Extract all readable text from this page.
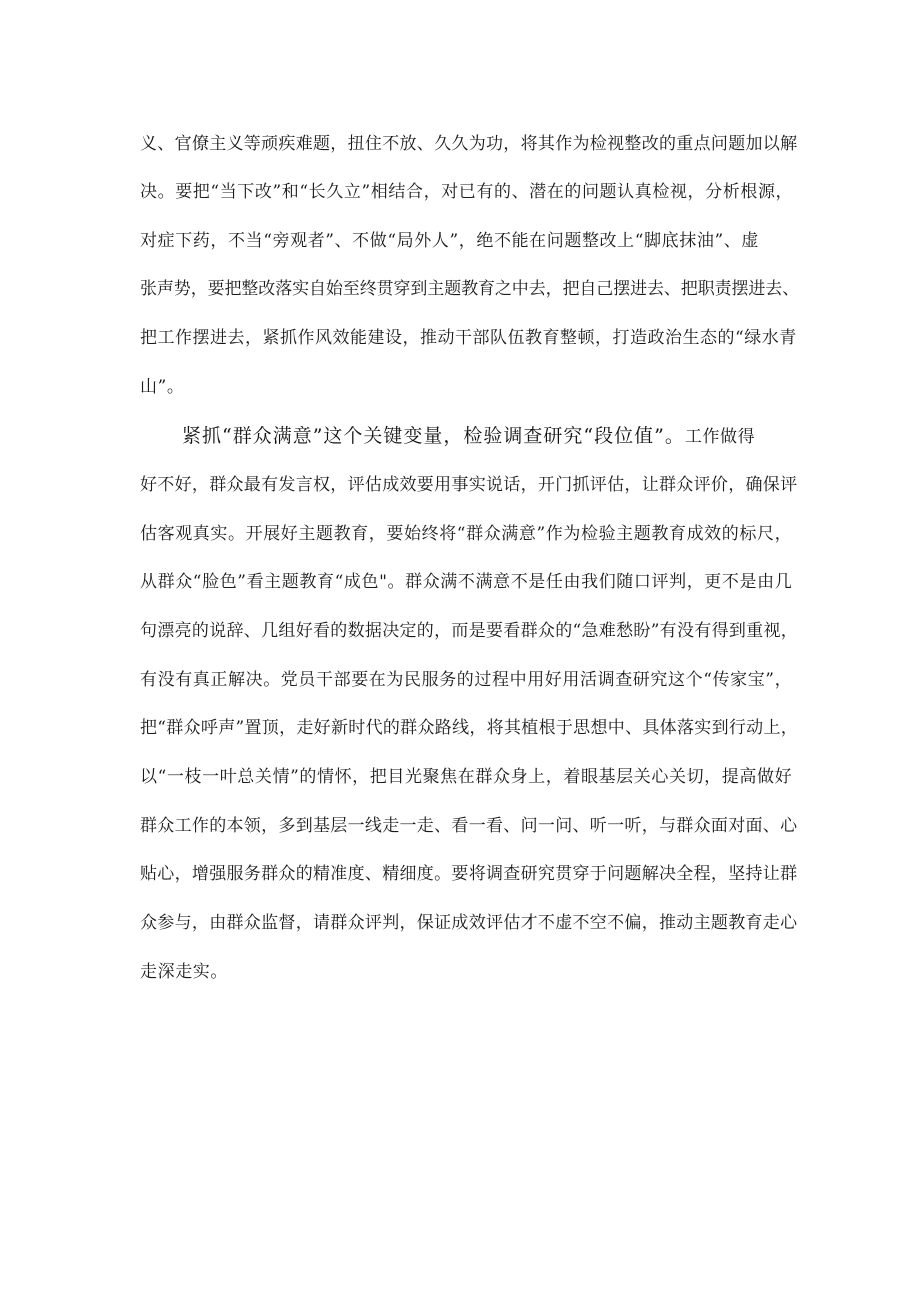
义、官僚主义等顽疾难题，扭住不放、久久为功，将其作为检视整改的重点问题加以解
决。要把“当下改”和“长久立”相结合，对已有的、潜在的问题认真检视，分析根源，
对症下药，不当“旁观者”、不做“局外人”，绝不能在问题整改上“脚底抹油”、虚
张声势，要把整改落实自始至终贯穿到主题教育之中去，把自己摆进去、把职责摆进去、
把工作摆进去，紧抓作风效能建设，推动干部队伍教育整顿，打造政治生态的“绿水青
山”。
紧抓“群众满意”这个关键变量，检验调查研究“段位值”。工作做得
好不好，群众最有发言权，评估成效要用事实说话，开门抓评估，让群众评价，确保评
估客观真实。开展好主题教育，要始终将“群众满意”作为检验主题教育成效的标尺，
从群众“脸色”看主题教育“成色"。群众满不满意不是任由我们随口评判，更不是由几
句漂亮的说辞、几组好看的数据决定的，而是要看群众的“急难愁盼”有没有得到重视，
有没有真正解决。党员干部要在为民服务的过程中用好用活调查研究这个“传家宝”，
把“群众呼声”置顶，走好新时代的群众路线，将其植根于思想中、具体落实到行动上，
以“一枝一叶总关情”的情怀，把目光聚焦在群众身上，着眼基层关心关切，提高做好
群众工作的本领，多到基层一线走一走、看一看、问一问、听一听，与群众面对面、心
贴心，增强服务群众的精准度、精细度。要将调查研究贯穿于问题解决全程，坚持让群
众参与，由群众监督，请群众评判，保证成效评估才不虚不空不偏，推动主题教育走心
走深走实。
